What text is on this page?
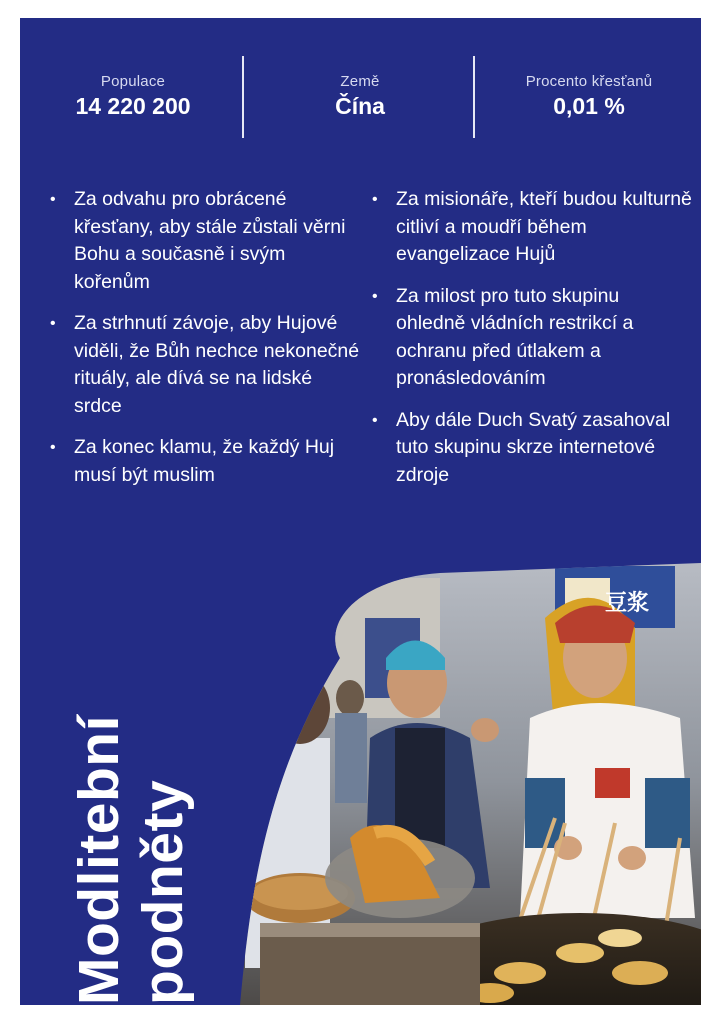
Populace
14 220 200
Země
Čína
Procento křesťanů
0,01 %
• Za odvahu pro obrácené křesťany, aby stále zůstali věrni Bohu a současně i svým kořenům
• Za strhnutí závoje, aby Hujové viděli, že Bůh nechce nekonečné rituály, ale dívá se na lidské srdce
• Za konec klamu, že každý Huj musí být muslim
• Za misionáře, kteří budou kulturně citliví a moudří během evangelizace Hujů
• Za milost pro tuto skupinu ohledně vládních restrikcí a ochranu před útlakem a pronásledováním
• Aby dále Duch Svatý zasahoval tuto skupinu skrze internetové zdroje
豆浆
Modlitební podněty
